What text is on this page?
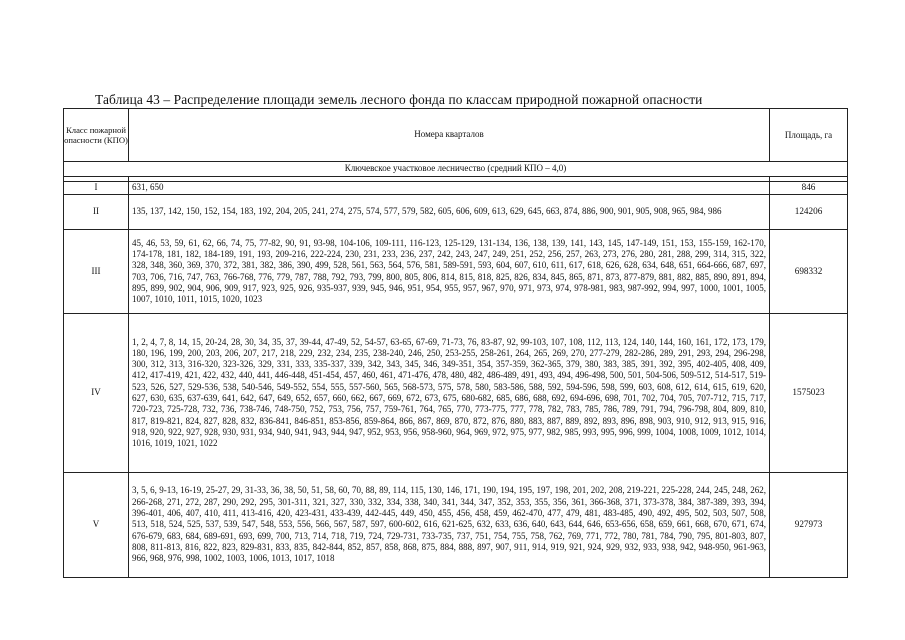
Таблица 43 – Распределение площади земель лесного фонда по классам природной пожарной опасности
Класс пожарной опасности (КПО)	Номера кварталов	Площадь, га
Ключевское участковое лесничество (средний КПО – 4,0)		

I	631, 650	846
II	135, 137, 142, 150, 152, 154, 183, 192, 204, 205, 241, 274, 275, 574, 577, 579, 582, 605, 606, 609, 613, 629, 645, 663, 874, 886, 900, 901, 905, 908, 965, 984, 986	124206
III	45, 46, 53, 59, 61, 62, 66, 74, 75, 77-82, 90, 91, 93-98, 104-106, 109-111, 116-123, 125-129, 131-134, 136, 138, 139, 141, 143, 145, 147-149, 151, 153, 155-159, 162-170, 174-178, 181, 182, 184-189, 191, 193, 209-216, 222-224, 230, 231, 233, 236, 237, 242, 243, 247, 249, 251, 252, 256, 257, 263, 273, 276, 280, 281, 288, 299, 314, 315, 322, 328, 348, 360, 369, 370, 372, 381, 382, 386, 390, 499, 528, 561, 563, 564, 576, 581, 589-591, 593, 604, 607, 610, 611, 617, 618, 626, 628, 634, 648, 651, 664-666, 687, 697, 703, 706, 716, 747, 763, 766-768, 776, 779, 787, 788, 792, 793, 799, 800, 805, 806, 814, 815, 818, 825, 826, 834, 845, 865, 871, 873, 877-879, 881, 882, 885, 890, 891, 894, 895, 899, 902, 904, 906, 909, 917, 923, 925, 926, 935-937, 939, 945, 946, 951, 954, 955, 957, 967, 970, 971, 973, 974, 978-981, 983, 987-992, 994, 997, 1000, 1001, 1005, 1007, 1010, 1011, 1015, 1020, 1023	698332
IV	1, 2, 4, 7, 8, 14, 15, 20-24, 28, 30, 34, 35, 37, 39-44, 47-49, 52, 54-57, 63-65, 67-69, 71-73, 76, 83-87, 92, 99-103, 107, 108, 112, 113, 124, 140, 144, 160, 161, 172, 173, 179, 180, 196, 199, 200, 203, 206, 207, 217, 218, 229, 232, 234, 235, 238-240, 246, 250, 253-255, 258-261, 264, 265, 269, 270, 277-279, 282-286, 289, 291, 293, 294, 296-298, 300, 312, 313, 316-320, 323-326, 329, 331, 333, 335-337, 339, 342, 343, 345, 346, 349-351, 354, 357-359, 362-365, 379, 380, 383, 385, 391, 392, 395, 402-405, 408, 409, 412, 417-419, 421, 422, 432, 440, 441, 446-448, 451-454, 457, 460, 461, 471-476, 478, 480, 482, 486-489, 491, 493, 494, 496-498, 500, 501, 504-506, 509-512, 514-517, 519-523, 526, 527, 529-536, 538, 540-546, 549-552, 554, 555, 557-560, 565, 568-573, 575, 578, 580, 583-586, 588, 592, 594-596, 598, 599, 603, 608, 612, 614, 615, 619, 620, 627, 630, 635, 637-639, 641, 642, 647, 649, 652, 657, 660, 662, 667, 669, 672, 673, 675, 680-682, 685, 686, 688, 692, 694-696, 698, 701, 702, 704, 705, 707-712, 715, 717, 720-723, 725-728, 732, 736, 738-746, 748-750, 752, 753, 756, 757, 759-761, 764, 765, 770, 773-775, 777, 778, 782, 783, 785, 786, 789, 791, 794, 796-798, 804, 809, 810, 817, 819-821, 824, 827, 828, 832, 836-841, 846-851, 853-856, 859-864, 866, 867, 869, 870, 872, 876, 880, 883, 887, 889, 892, 893, 896, 898, 903, 910, 912, 913, 915, 916, 918, 920, 922, 927, 928, 930, 931, 934, 940, 941, 943, 944, 947, 952, 953, 956, 958-960, 964, 969, 972, 975, 977, 982, 985, 993, 995, 996, 999, 1004, 1008, 1009, 1012, 1014, 1016, 1019, 1021, 1022	1575023
V	3, 5, 6, 9-13, 16-19, 25-27, 29, 31-33, 36, 38, 50, 51, 58, 60, 70, 88, 89, 114, 115, 130, 146, 171, 190, 194, 195, 197, 198, 201, 202, 208, 219-221, 225-228, 244, 245, 248, 262, 266-268, 271, 272, 287, 290, 292, 295, 301-311, 321, 327, 330, 332, 334, 338, 340, 341, 344, 347, 352, 353, 355, 356, 361, 366-368, 371, 373-378, 384, 387-389, 393, 394, 396-401, 406, 407, 410, 411, 413-416, 420, 423-431, 433-439, 442-445, 449, 450, 455, 456, 458, 459, 462-470, 477, 479, 481, 483-485, 490, 492, 495, 502, 503, 507, 508, 513, 518, 524, 525, 537, 539, 547, 548, 553, 556, 566, 567, 587, 597, 600-602, 616, 621-625, 632, 633, 636, 640, 643, 644, 646, 653-656, 658, 659, 661, 668, 670, 671, 674, 676-679, 683, 684, 689-691, 693, 699, 700, 713, 714, 718, 719, 724, 729-731, 733-735, 737, 751, 754, 755, 758, 762, 769, 771, 772, 780, 781, 784, 790, 795, 801-803, 807, 808, 811-813, 816, 822, 823, 829-831, 833, 835, 842-844, 852, 857, 858, 868, 875, 884, 888, 897, 907, 911, 914, 919, 921, 924, 929, 932, 933, 938, 942, 948-950, 961-963, 966, 968, 976, 998, 1002, 1003, 1006, 1013, 1017, 1018	927973
